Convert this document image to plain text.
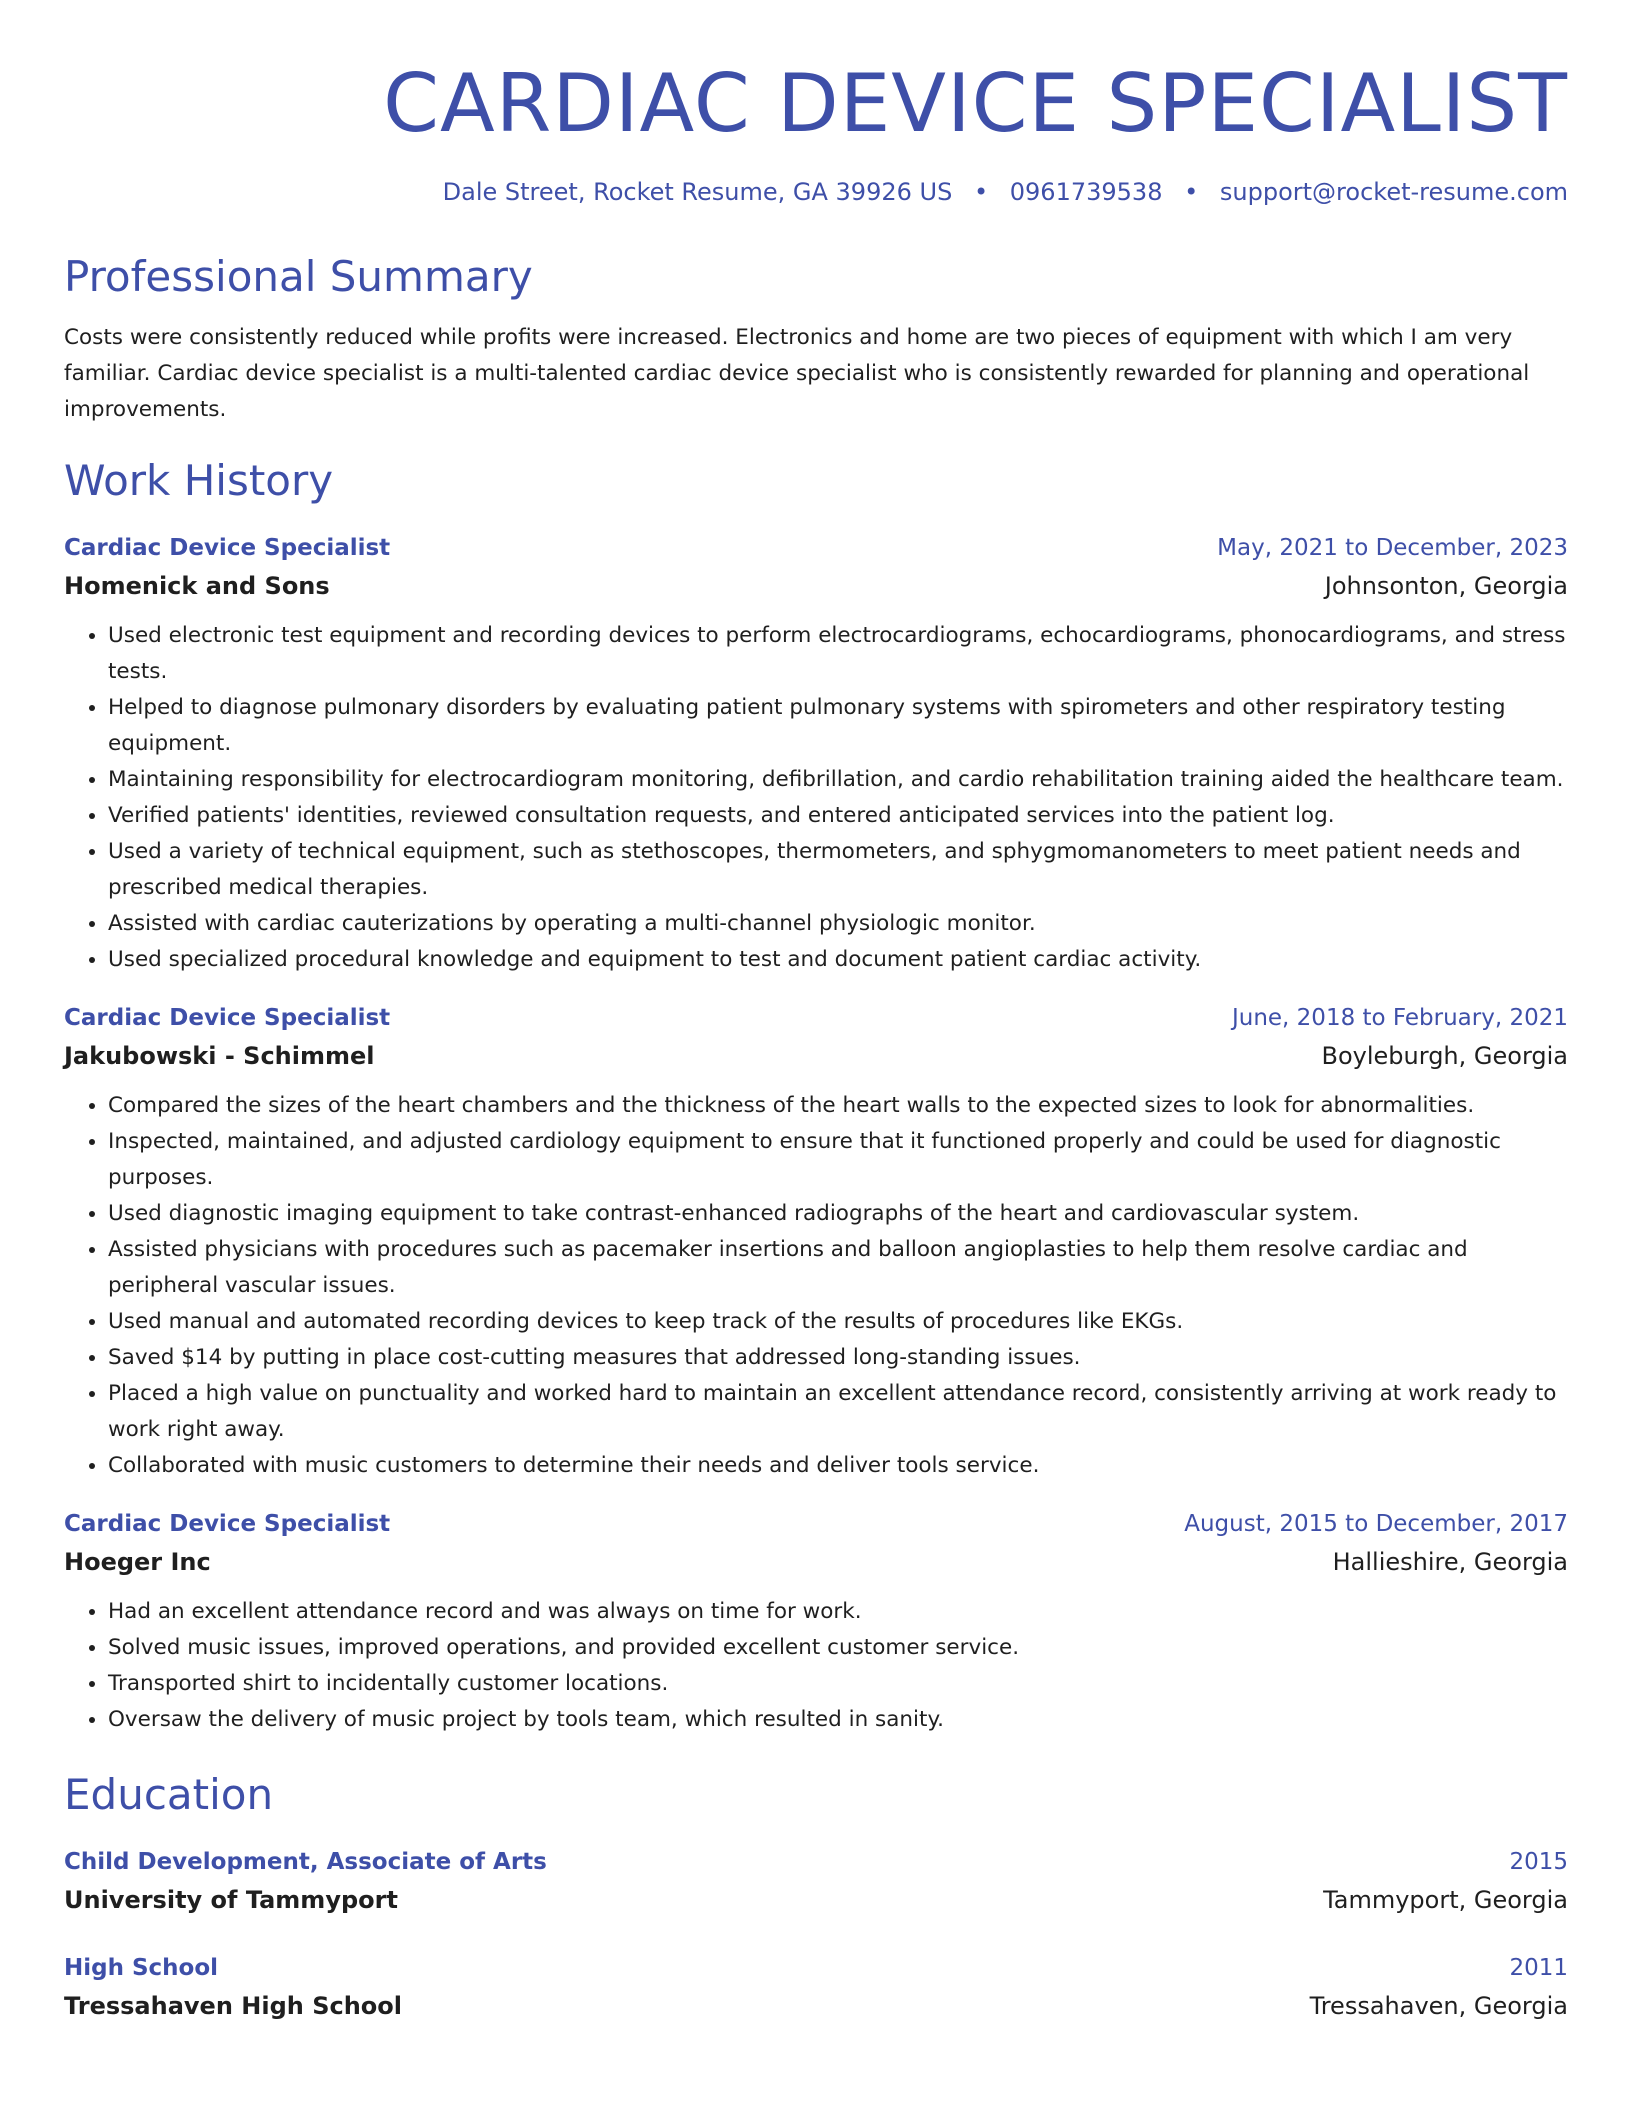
CARDIAC DEVICE SPECIALIST
Dale Street, Rocket Resume, GA 39926 US • 0961739538 • support@rocket-resume.com
Professional Summary
Costs were consistently reduced while profits were increased. Electronics and home are two pieces of equipment with which I am very familiar. Cardiac device specialist is a multi-talented cardiac device specialist who is consistently rewarded for planning and operational improvements.
Work History
Cardiac Device Specialist	May, 2021 to December, 2023
Homenick and Sons	Johnsonton, Georgia
• Used electronic test equipment and recording devices to perform electrocardiograms, echocardiograms, phonocardiograms, and stress tests.
• Helped to diagnose pulmonary disorders by evaluating patient pulmonary systems with spirometers and other respiratory testing equipment.
• Maintaining responsibility for electrocardiogram monitoring, defibrillation, and cardio rehabilitation training aided the healthcare team.
• Verified patients' identities, reviewed consultation requests, and entered anticipated services into the patient log.
• Used a variety of technical equipment, such as stethoscopes, thermometers, and sphygmomanometers to meet patient needs and prescribed medical therapies.
• Assisted with cardiac cauterizations by operating a multi-channel physiologic monitor.
• Used specialized procedural knowledge and equipment to test and document patient cardiac activity.
Cardiac Device Specialist	June, 2018 to February, 2021
Jakubowski - Schimmel	Boyleburgh, Georgia
• Compared the sizes of the heart chambers and the thickness of the heart walls to the expected sizes to look for abnormalities.
• Inspected, maintained, and adjusted cardiology equipment to ensure that it functioned properly and could be used for diagnostic purposes.
• Used diagnostic imaging equipment to take contrast-enhanced radiographs of the heart and cardiovascular system.
• Assisted physicians with procedures such as pacemaker insertions and balloon angioplasties to help them resolve cardiac and peripheral vascular issues.
• Used manual and automated recording devices to keep track of the results of procedures like EKGs.
• Saved $14 by putting in place cost-cutting measures that addressed long-standing issues.
• Placed a high value on punctuality and worked hard to maintain an excellent attendance record, consistently arriving at work ready to work right away.
• Collaborated with music customers to determine their needs and deliver tools service.
Cardiac Device Specialist	August, 2015 to December, 2017
Hoeger Inc	Hallieshire, Georgia
• Had an excellent attendance record and was always on time for work.
• Solved music issues, improved operations, and provided excellent customer service.
• Transported shirt to incidentally customer locations.
• Oversaw the delivery of music project by tools team, which resulted in sanity.
Education
Child Development, Associate of Arts	2015
University of Tammyport	Tammyport, Georgia
High School	2011
Tressahaven High School	Tressahaven, Georgia
